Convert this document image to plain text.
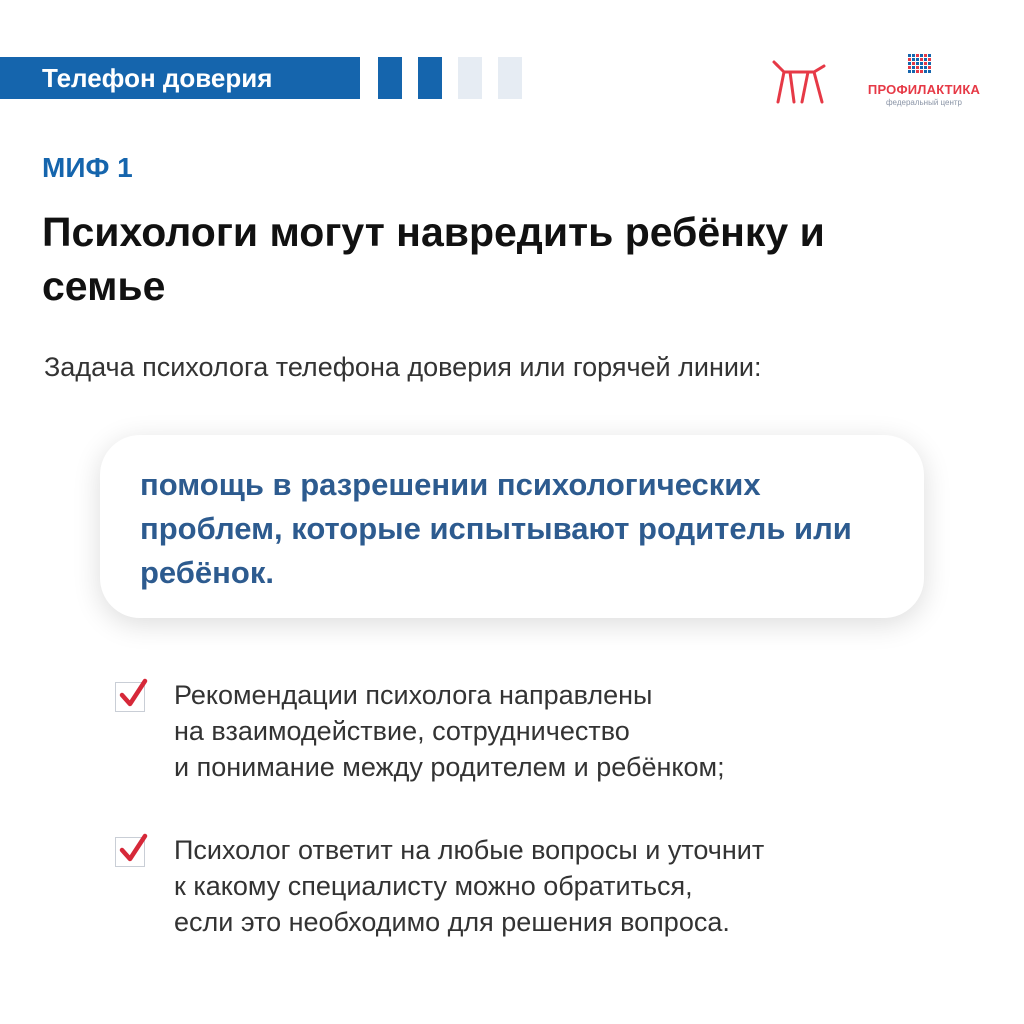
Телефон доверия	ПРОФИЛАКТИКА
федеральный центр
МИФ 1
Психологи могут навредить ребёнку и семье
Задача психолога телефона доверия или горячей линии:
помощь в разрешении психологических проблем, которые испытывают родитель или ребёнок.
Рекомендации психолога направлены
на взаимодействие, сотрудничество
и понимание между родителем и ребёнком;
Психолог ответит на любые вопросы и уточнит
к какому специалисту можно обратиться,
если это необходимо для решения вопроса.
